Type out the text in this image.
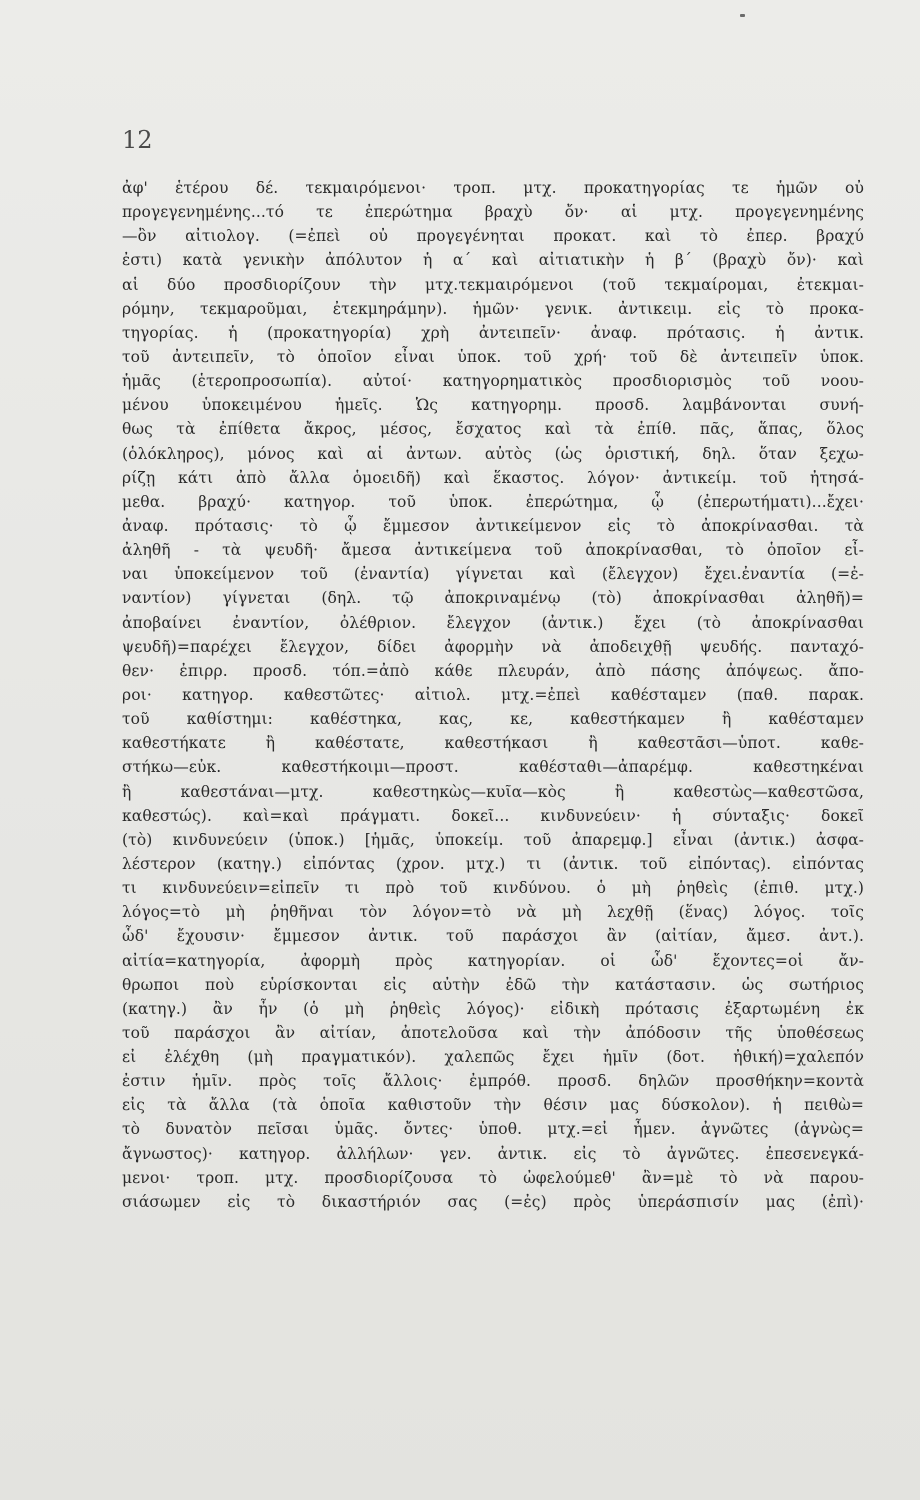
12
ἀφ' ἑτέρου δέ. τεκμαιρόμενοι· τροπ. μτχ. προκατηγορίας τε ἡμῶν οὐ
προγεγενημένης...τό τε ἐπερώτημα βραχὺ ὄν· αἱ μτχ. προγεγενημένης
—ὂν αἰτιολογ. (=ἐπεὶ οὐ προγεγένηται προκατ. καὶ τὸ ἐπερ. βραχύ
ἐστι) κατὰ γενικὴν ἀπόλυτον ἡ α΄ καὶ αἰτιατικὴν ἡ β΄ (βραχὺ ὄν)· καὶ
αἱ δύο προσδιορίζουν τὴν μτχ.τεκμαιρόμενοι (τοῦ τεκμαίρομαι, ἐτεκμαι-
ρόμην, τεκμαροῦμαι, ἐτεκμηράμην). ἡμῶν· γενικ. ἀντικειμ. εἰς τὸ προκα-
τηγορίας. ἡ (προκατηγορία) χρὴ ἀντειπεῖν· ἀναφ. πρότασις. ἡ ἀντικ.
τοῦ ἀντειπεῖν, τὸ ὁποῖον εἶναι ὑποκ. τοῦ χρή· τοῦ δὲ ἀντειπεῖν ὑποκ.
ἡμᾶς (ἑτεροπροσωπία). αὐτοί· κατηγορηματικὸς προσδιορισμὸς τοῦ νοου-
μένου ὑποκειμένου ἡμεῖς. Ὡς κατηγορημ. προσδ. λαμβάνονται συνή-
θως τὰ ἐπίθετα ἄκρος, μέσος, ἔσχατος καὶ τὰ ἐπίθ. πᾶς, ἅπας, ὅλος
(ὁλόκληρος), μόνος καὶ αἱ ἀντων. αὐτὸς (ὡς ὁριστική, δηλ. ὅταν ξεχω-
ρίζῃ κάτι ἀπὸ ἄλλα ὁμοειδῆ) καὶ ἕκαστος. λόγον· ἀντικείμ. τοῦ ἠτησά-
μεθα. βραχύ· κατηγορ. τοῦ ὑποκ. ἐπερώτημα, ᾧ (ἐπερωτήματι)...ἔχει·
ἀναφ. πρότασις· τὸ ᾧ ἔμμεσον ἀντικείμενον εἰς τὸ ἀποκρίνασθαι. τὰ
ἀληθῆ - τὰ ψευδῆ· ἄμεσα ἀντικείμενα τοῦ ἀποκρίνασθαι, τὸ ὁποῖον εἶ-
ναι ὑποκείμενον τοῦ (ἐναντία) γίγνεται καὶ (ἔλεγχον) ἔχει.ἐναντία (=ἐ-
ναντίον) γίγνεται (δηλ. τῷ ἀποκριναμένῳ (τὸ) ἀποκρίνασθαι ἀληθῆ)=
ἀποβαίνει ἐναντίον, ὀλέθριον. ἔλεγχον (ἀντικ.) ἔχει (τὸ ἀποκρίνασθαι
ψευδῆ)=παρέχει ἔλεγχον, δίδει ἀφορμὴν νὰ ἀποδειχθῇ ψευδής. πανταχό-
θεν· ἐπιρρ. προσδ. τόπ.=ἀπὸ κάθε πλευράν, ἀπὸ πάσης ἀπόψεως. ἄπο-
ροι· κατηγορ. καθεστῶτες· αἰτιολ. μτχ.=ἐπεὶ καθέσταμεν (παθ. παρακ.
τοῦ καθίστημι: καθέστηκα, κας, κε, καθεστήκαμεν ἢ καθέσταμεν
καθεστήκατε ἢ καθέστατε, καθεστήκασι ἢ καθεστᾶσι—ὑποτ. καθε-
στήκω—εὐκ. καθεστήκοιμι—προστ. καθέσταθι—ἀπαρέμφ. καθεστηκέναι
ἢ καθεστάναι—μτχ. καθεστηκὼς—κυῖα—κὸς ἢ καθεστὼς—καθεστῶσα,
καθεστώς). καὶ=καὶ πράγματι. δοκεῖ... κινδυνεύειν· ἡ σύνταξις· δοκεῖ
(τὸ) κινδυνεύειν (ὑποκ.) [ἡμᾶς, ὑποκείμ. τοῦ ἀπαρεμφ.] εἶναι (ἀντικ.) ἀσφα-
λέστερον (κατηγ.) εἰπόντας (χρον. μτχ.) τι (ἀντικ. τοῦ εἰπόντας). εἰπόντας
τι κινδυνεύειν=εἰπεῖν τι πρὸ τοῦ κινδύνου. ὁ μὴ ῥηθεὶς (ἐπιθ. μτχ.)
λόγος=τὸ μὴ ῥηθῆναι τὸν λόγον=τὸ νὰ μὴ λεχθῇ (ἕνας) λόγος. τοῖς
ὧδ' ἔχουσιν· ἔμμεσον ἀντικ. τοῦ παράσχοι ἂν (αἰτίαν, ἄμεσ. ἀντ.).
αἰτία=κατηγορία, ἀφορμὴ πρὸς κατηγορίαν. οἱ ὧδ' ἔχοντες=οἱ ἄν-
θρωποι ποὺ εὑρίσκονται εἰς αὐτὴν ἐδῶ τὴν κατάστασιν. ὡς σωτήριος
(κατηγ.) ἂν ἦν (ὁ μὴ ῥηθεὶς λόγος)· εἰδικὴ πρότασις ἐξαρτωμένη ἐκ
τοῦ παράσχοι ἂν αἰτίαν, ἀποτελοῦσα καὶ τὴν ἀπόδοσιν τῆς ὑποθέσεως
εἰ ἐλέχθη (μὴ πραγματικόν). χαλεπῶς ἔχει ἡμῖν (δοτ. ἠθική)=χαλεπόν
ἐστιν ἡμῖν. πρὸς τοῖς ἄλλοις· ἐμπρόθ. προσδ. δηλῶν προσθήκην=κοντὰ
εἰς τὰ ἄλλα (τὰ ὁποῖα καθιστοῦν τὴν θέσιν μας δύσκολον). ἡ πειθὼ=
τὸ δυνατὸν πεῖσαι ὑμᾶς. ὄντες· ὑποθ. μτχ.=εἰ ἦμεν. ἀγνῶτες (ἀγνὼς=
ἄγνωστος)· κατηγορ. ἀλλήλων· γεν. ἀντικ. εἰς τὸ ἀγνῶτες. ἐπεσενεγκά-
μενοι· τροπ. μτχ. προσδιορίζουσα τὸ ὠφελούμεθ' ἂν=μὲ τὸ νὰ παρου-
σιάσωμεν εἰς τὸ δικαστήριόν σας (=ἐς) πρὸς ὑπεράσπισίν μας (ἐπὶ)·
